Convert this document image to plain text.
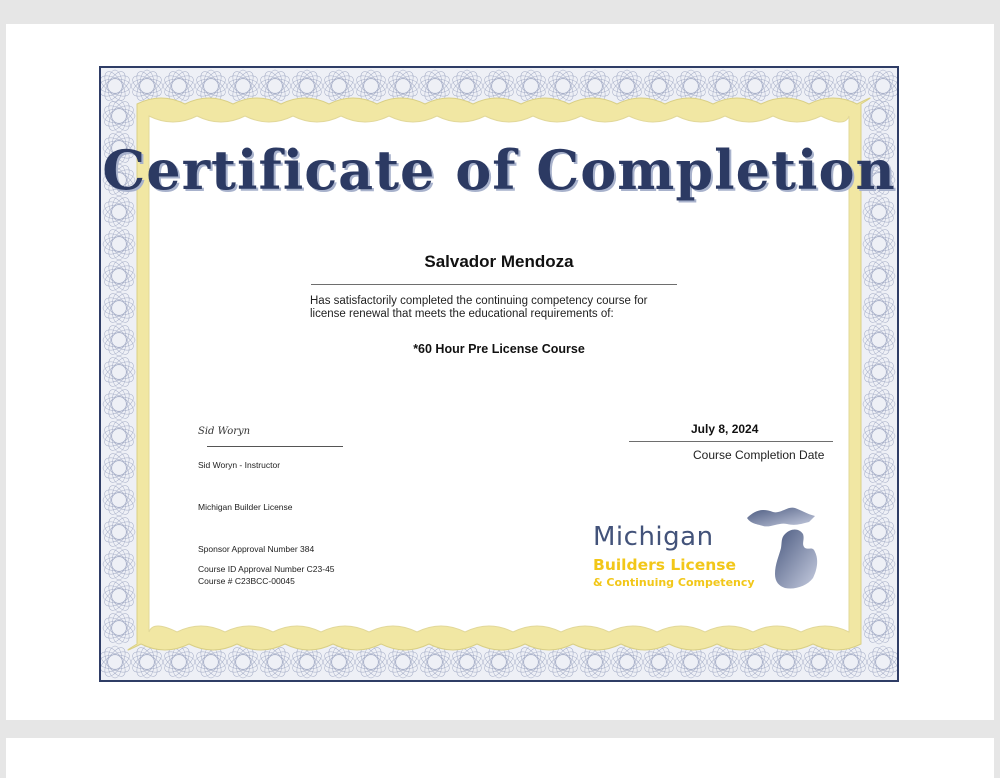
Certificate of Completion
Salvador Mendoza
Has satisfactorily completed the continuing competency course for
license renewal that meets the educational requirements of:
*60 Hour Pre License Course
Sid Woryn
Sid Woryn - Instructor
Michigan Builder License
Sponsor Approval Number 384
Course ID Approval Number C23-45
Course # C23BCC-00045
July 8, 2024
Course Completion Date
Michigan
Builders License
& Continuing Competency
